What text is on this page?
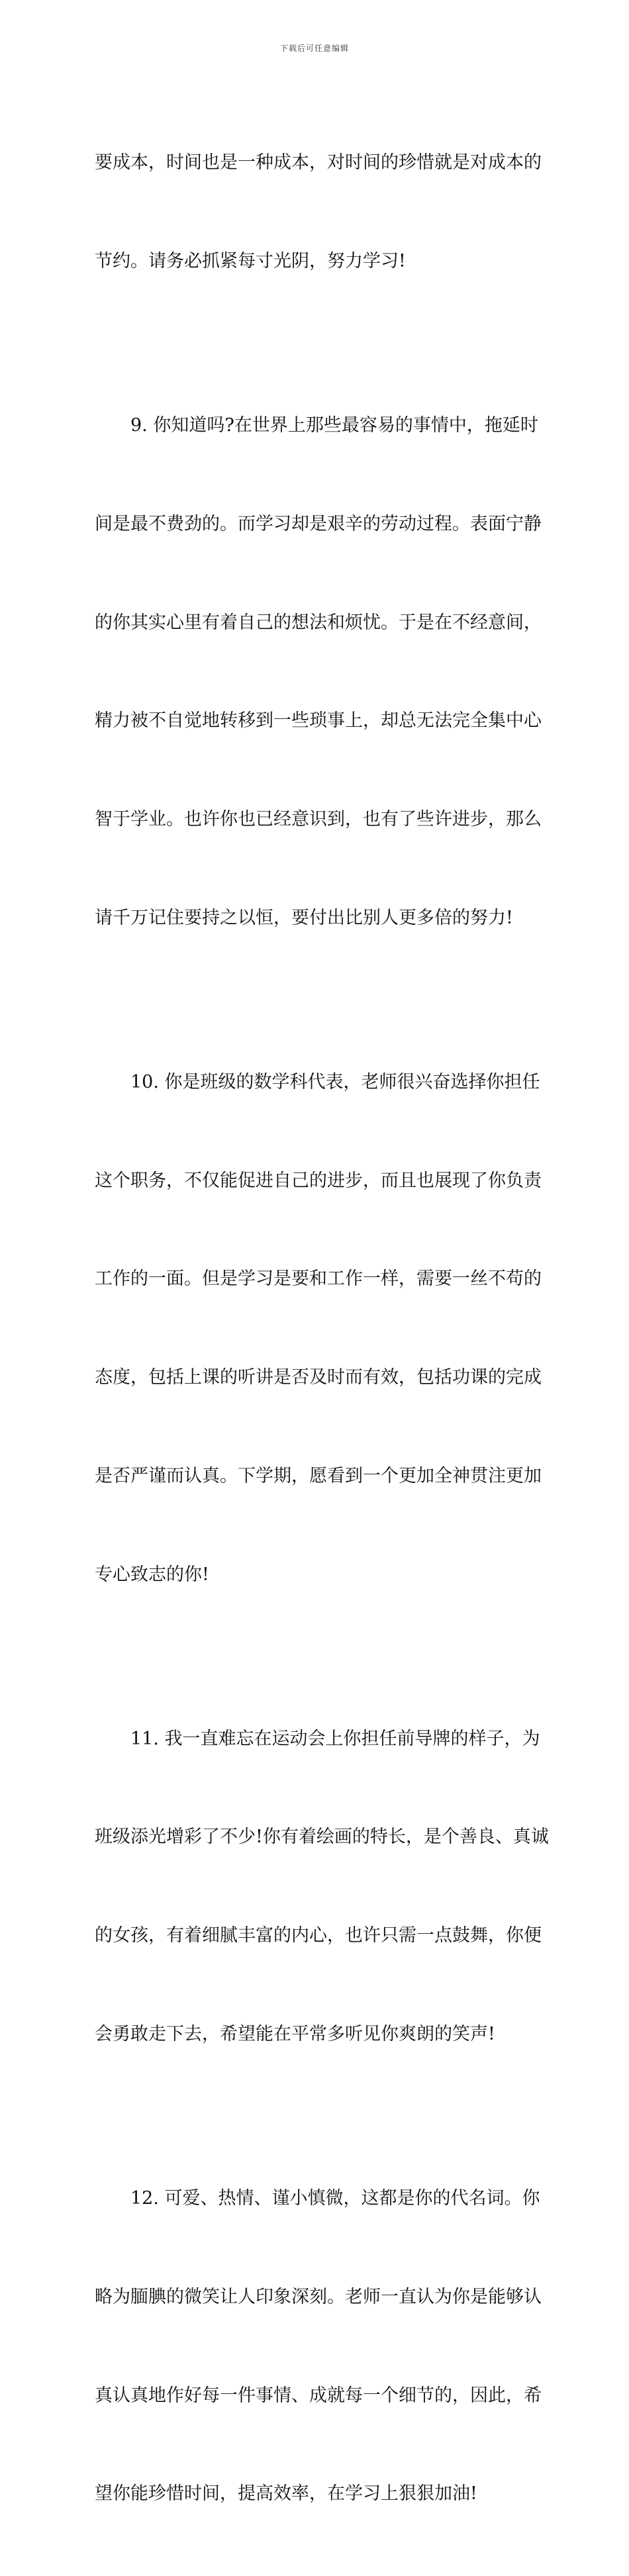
下载后可任意编辑

要成本，时间也是一种成本，对时间的珍惜就是对成本的

节约。请务必抓紧每寸光阴，努力学习!

9. 你知道吗?在世界上那些最容易的事情中，拖延时

间是最不费劲的。而学习却是艰辛的劳动过程。表面宁静

的你其实心里有着自己的想法和烦忧。于是在不经意间，

精力被不自觉地转移到一些琐事上，却总无法完全集中心

智于学业。也许你也已经意识到，也有了些许进步，那么

请千万记住要持之以恒，要付出比别人更多倍的努力!

10. 你是班级的数学科代表，老师很兴奋选择你担任

这个职务，不仅能促进自己的进步，而且也展现了你负责

工作的一面。但是学习是要和工作一样，需要一丝不苟的

态度，包括上课的听讲是否及时而有效，包括功课的完成

是否严谨而认真。下学期，愿看到一个更加全神贯注更加

专心致志的你!

11. 我一直难忘在运动会上你担任前导牌的样子，为

班级添光增彩了不少!你有着绘画的特长，是个善良、真诚

的女孩，有着细腻丰富的内心，也许只需一点鼓舞，你便

会勇敢走下去，希望能在平常多听见你爽朗的笑声!

12. 可爱、热情、谨小慎微，这都是你的代名词。你

略为腼腆的微笑让人印象深刻。老师一直认为你是能够认

真认真地作好每一件事情、成就每一个细节的，因此，希

望你能珍惜时间，提高效率，在学习上狠狠加油!
